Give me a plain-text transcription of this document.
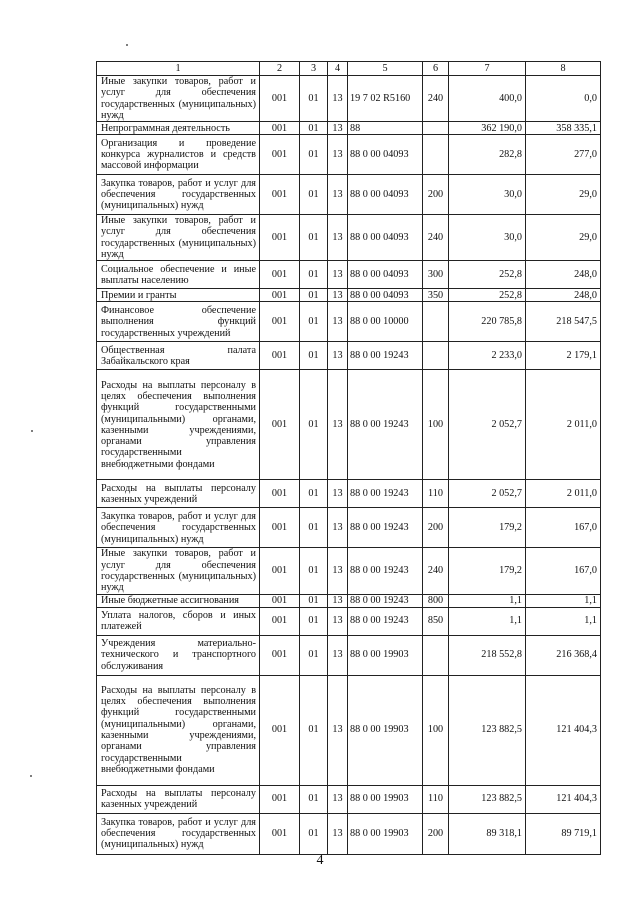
1	2	3	4	5	6	7	8
Иные закупки товаров, работ и услуг для обеспечения государственных (муниципальных) нужд	001	01	13	19 7 02 R5160	240	400,0	0,0
Непрограммная деятельность	001	01	13	88		362 190,0	358 335,1
Организация и проведение конкурса журналистов и средств массовой информации	001	01	13	88 0 00 04093		282,8	277,0
Закупка товаров, работ и услуг для обеспечения государственных (муниципальных) нужд	001	01	13	88 0 00 04093	200	30,0	29,0
Иные закупки товаров, работ и услуг для обеспечения государственных (муниципальных) нужд	001	01	13	88 0 00 04093	240	30,0	29,0
Социальное обеспечение и иные выплаты населению	001	01	13	88 0 00 04093	300	252,8	248,0
Премии и гранты	001	01	13	88 0 00 04093	350	252,8	248,0
Финансовое обеспечение выполнения функций государственных учреждений	001	01	13	88 0 00 10000		220 785,8	218 547,5
Общественная палата Забайкальского края	001	01	13	88 0 00 19243		2 233,0	2 179,1
Расходы на выплаты персоналу в целях обеспечения выполнения функций государственными (муниципальными) органами, казенными учреждениями, органами управления государственными внебюджетными фондами	001	01	13	88 0 00 19243	100	2 052,7	2 011,0
Расходы на выплаты персоналу казенных учреждений	001	01	13	88 0 00 19243	110	2 052,7	2 011,0
Закупка товаров, работ и услуг для обеспечения государственных (муниципальных) нужд	001	01	13	88 0 00 19243	200	179,2	167,0
Иные закупки товаров, работ и услуг для обеспечения государственных (муниципальных) нужд	001	01	13	88 0 00 19243	240	179,2	167,0
Иные бюджетные ассигнования	001	01	13	88 0 00 19243	800	1,1	1,1
Уплата налогов, сборов и иных платежей	001	01	13	88 0 00 19243	850	1,1	1,1
Учреждения материально-технического и транспортного обслуживания	001	01	13	88 0 00 19903		218 552,8	216 368,4
Расходы на выплаты персоналу в целях обеспечения выполнения функций государственными (муниципальными) органами, казенными учреждениями, органами управления государственными внебюджетными фондами	001	01	13	88 0 00 19903	100	123 882,5	121 404,3
Расходы на выплаты персоналу казенных учреждений	001	01	13	88 0 00 19903	110	123 882,5	121 404,3
Закупка товаров, работ и услуг для обеспечения государственных (муниципальных) нужд	001	01	13	88 0 00 19903	200	89 318,1	89 719,1
4
